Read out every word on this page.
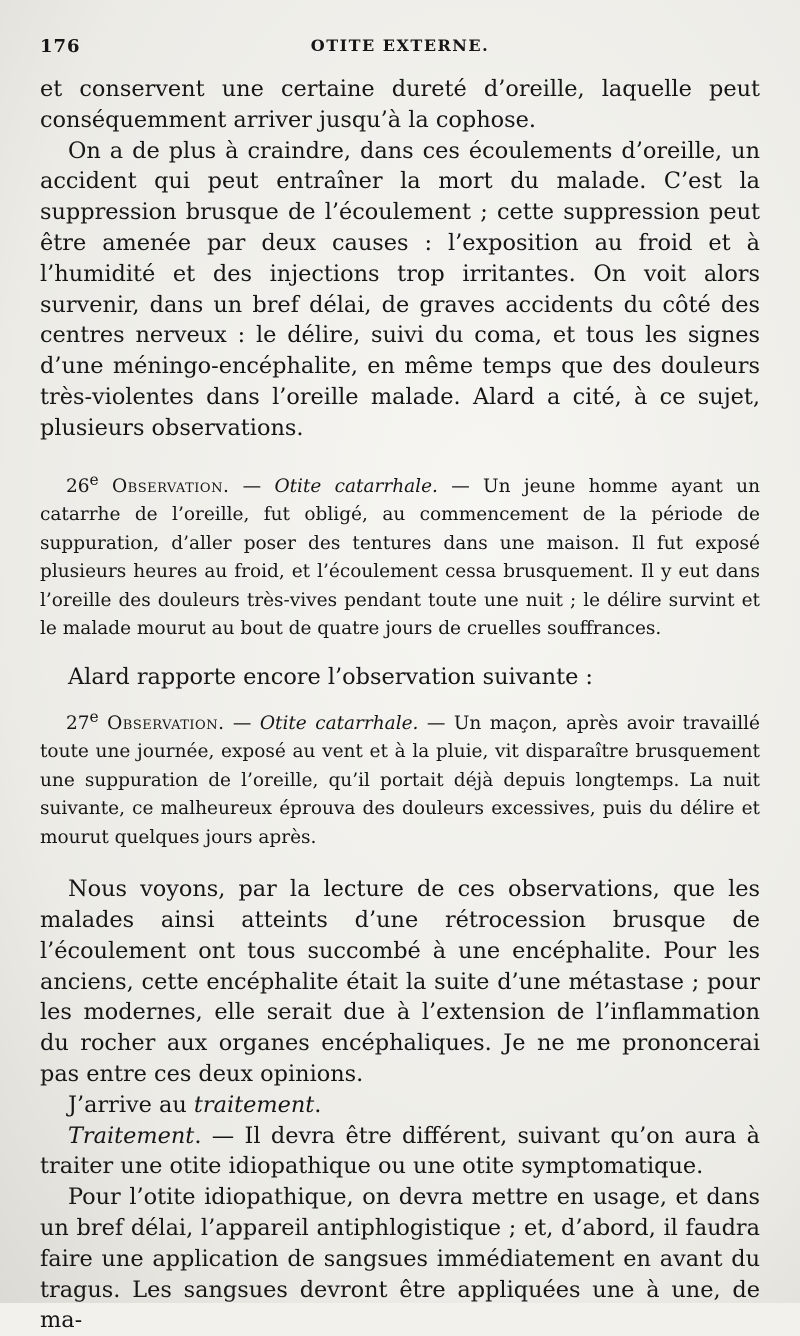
176	OTITE EXTERNE.

et conservent une certaine dureté d’oreille, laquelle peut conséquemment arriver jusqu’à la cophose.

On a de plus à craindre, dans ces écoulements d’oreille, un accident qui peut entraîner la mort du malade. C’est la suppression brusque de l’écoulement ; cette suppression peut être amenée par deux causes : l’exposition au froid et à l’humidité et des injections trop irritantes. On voit alors survenir, dans un bref délai, de graves accidents du côté des centres nerveux : le délire, suivi du coma, et tous les signes d’une méningo-encéphalite, en même temps que des douleurs très-violentes dans l’oreille malade. Alard a cité, à ce sujet, plusieurs observations.

26e Observation. — Otite catarrhale. — Un jeune homme ayant un catarrhe de l’oreille, fut obligé, au commencement de la période de suppuration, d’aller poser des tentures dans une maison. Il fut exposé plusieurs heures au froid, et l’écoulement cessa brusquement. Il y eut dans l’oreille des douleurs très-vives pendant toute une nuit ; le délire survint et le malade mourut au bout de quatre jours de cruelles souffrances.

Alard rapporte encore l’observation suivante :

27e Observation. — Otite catarrhale. — Un maçon, après avoir travaillé toute une journée, exposé au vent et à la pluie, vit disparaître brusquement une suppuration de l’oreille, qu’il portait déjà depuis longtemps. La nuit suivante, ce malheureux éprouva des douleurs excessives, puis du délire et mourut quelques jours après.

Nous voyons, par la lecture de ces observations, que les malades ainsi atteints d’une rétrocession brusque de l’écoulement ont tous succombé à une encéphalite. Pour les anciens, cette encéphalite était la suite d’une métastase ; pour les modernes, elle serait due à l’extension de l’inflammation du rocher aux organes encéphaliques. Je ne me prononcerai pas entre ces deux opinions.

J’arrive au traitement.

Traitement. — Il devra être différent, suivant qu’on aura à traiter une otite idiopathique ou une otite symptomatique.

Pour l’otite idiopathique, on devra mettre en usage, et dans un bref délai, l’appareil antiphlogistique ; et, d’abord, il faudra faire une application de sangsues immédiatement en avant du tragus. Les sangsues devront être appliquées une à une, de ma-
